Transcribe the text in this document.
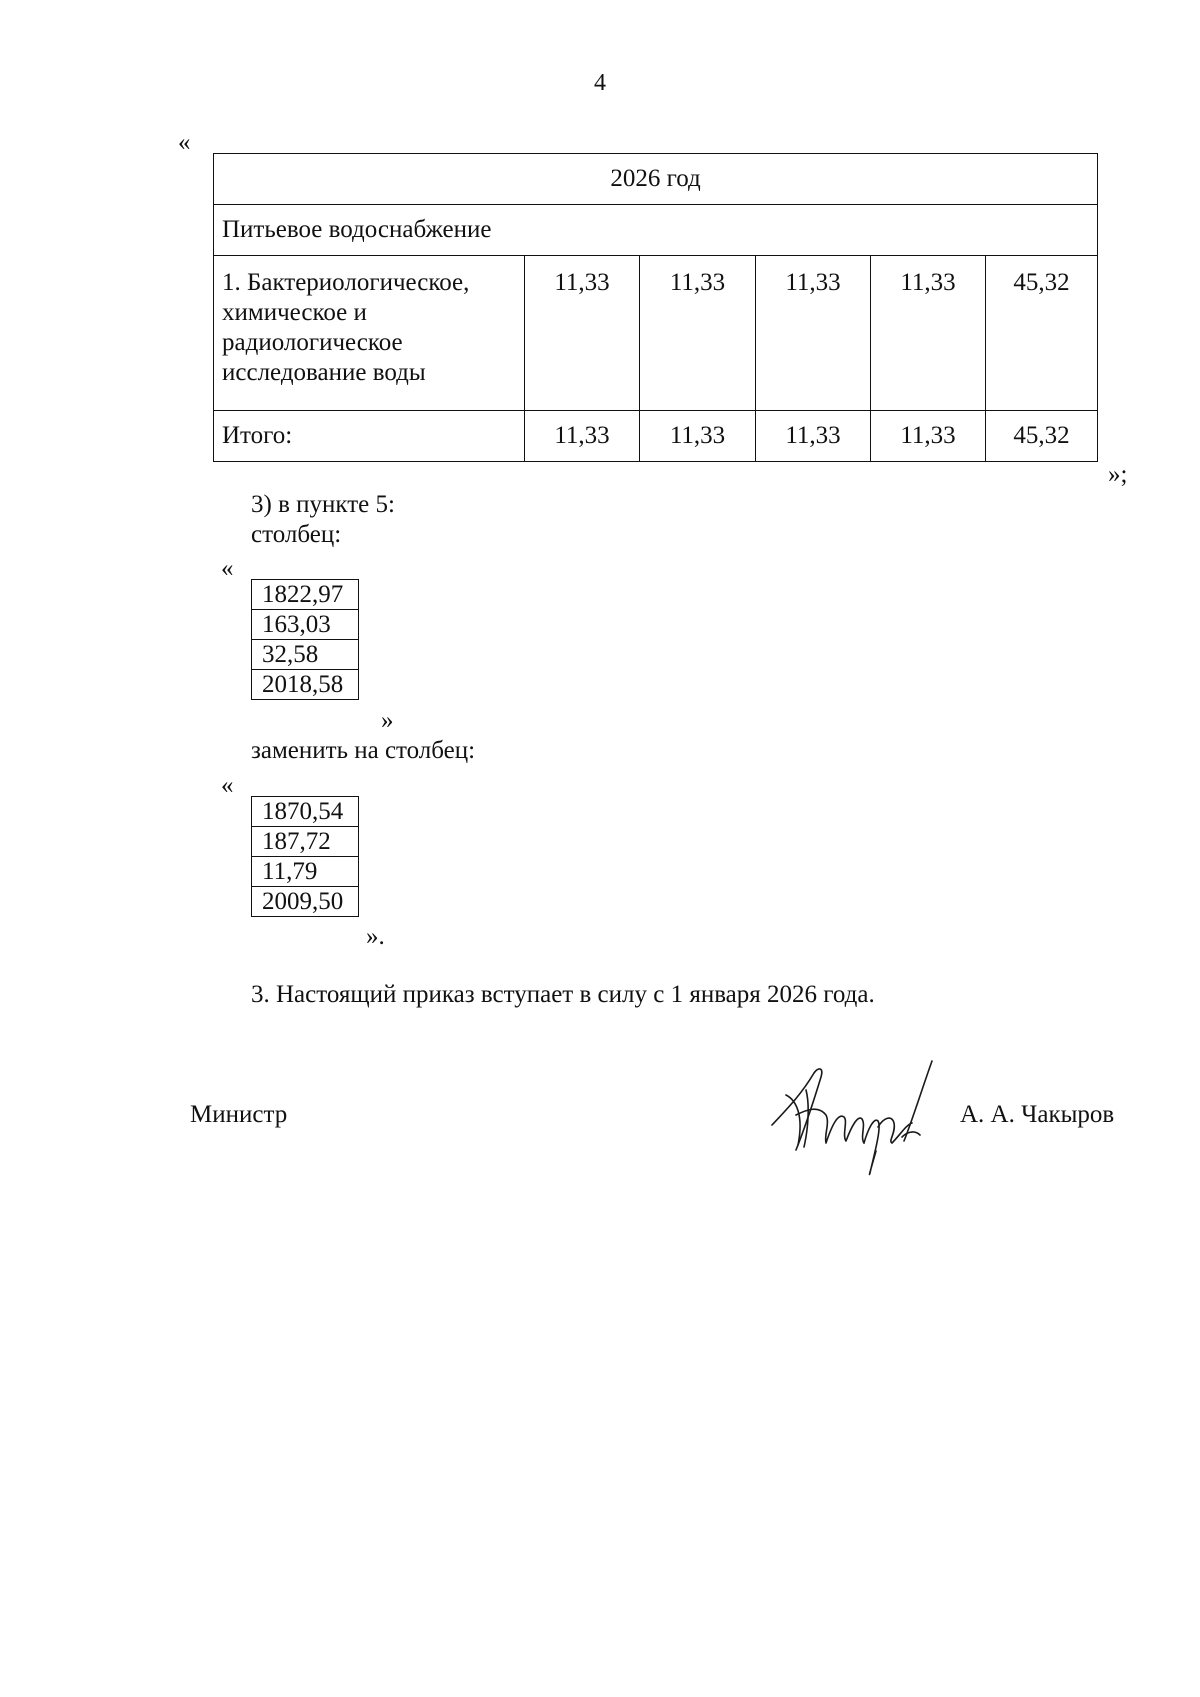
4
«
2026 год					
Питьевое водоснабжение					

1. Бактериологическое,
химическое и
радиологическое
исследование воды	11,33	11,33	11,33	11,33	45,32
Итого:	11,33	11,33	11,33	11,33	45,32
»;
3) в пункте 5:
столбец:
«
1822,97
163,03
32,58
2018,58
»
заменить на столбец:
«
1870,54
187,72
11,79
2009,50
».
3. Настоящий приказ вступает в силу с 1 января 2026 года.
Министр	А. А. Чакыров
